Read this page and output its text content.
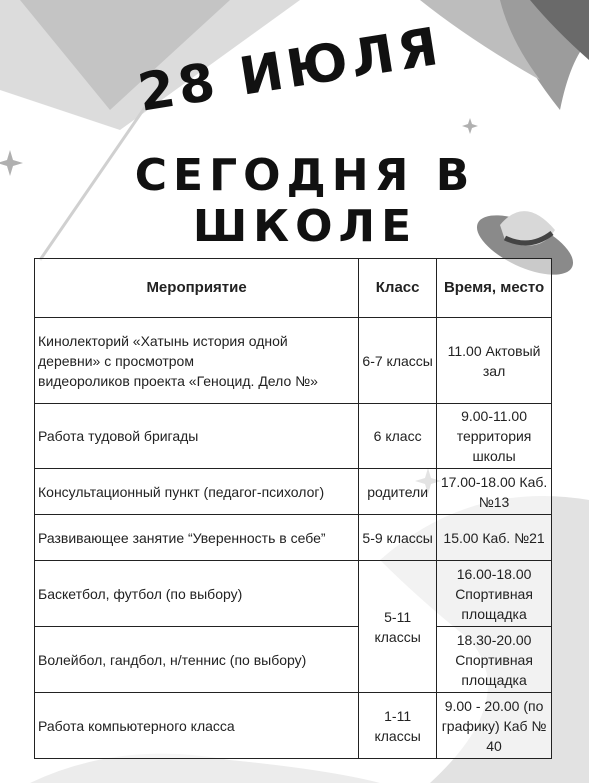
28 ИЮЛЯ
СЕГОДНЯ В ШКОЛЕ
Мероприятие	Класс	Время, место

Кинолекторий «Хатынь история одной
деревни» с просмотром
видеороликов проекта «Геноцид. Дело №»	6-7 классы	11.00 Актовый зал
Работа тудовой бригады	6 класс	9.00-11.00 территория школы
Консультационный пункт (педагог-психолог)	родители	17.00-18.00 Каб. №13
Развивающее занятие “Уверенность в себе”	5-9 классы	15.00 Каб. №21
Баскетбол, футбол (по выбору)	5-11 классы	16.00-18.00 Спортивная площадка
Волейбол, гандбол, н/теннис (по выбору)		18.30-20.00 Спортивная площадка
Работа компьютерного класса	1-11 классы	9.00 - 20.00 (по графику) Каб № 40
